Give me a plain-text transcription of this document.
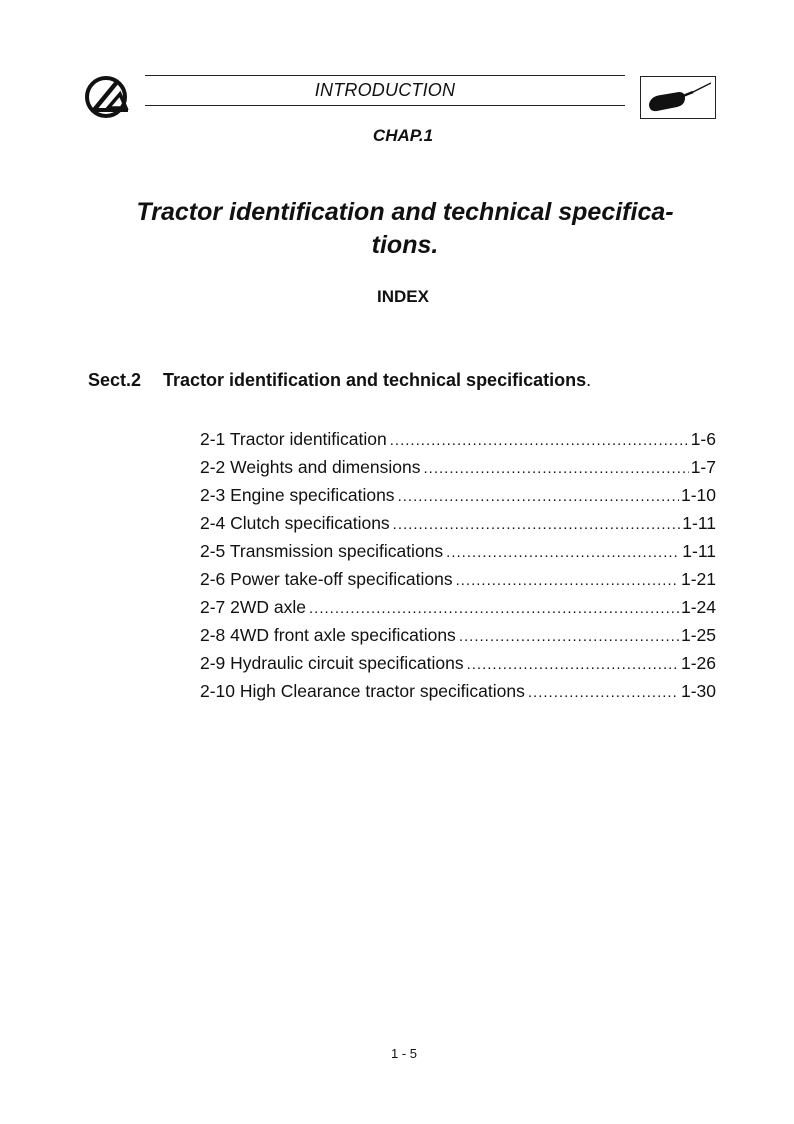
INTRODUCTION
CHAP.1
Tractor identification and technical specifica-
tions.
INDEX
Sect.2 Tractor identification and technical specifications.
2-1 Tractor identification .....	1-6
2-2 Weights and dimensions .....	1-7
2-3 Engine specifications .....	1-10
2-4 Clutch specifications .....	1-11
2-5 Transmission specifications .....	1-11
2-6 Power take-off specifications .....	1-21
2-7 2WD axle .....	1-24
2-8 4WD front axle specifications .....	1-25
2-9 Hydraulic circuit specifications .....	1-26
2-10 High Clearance tractor specifications .....	1-30
1 - 5
